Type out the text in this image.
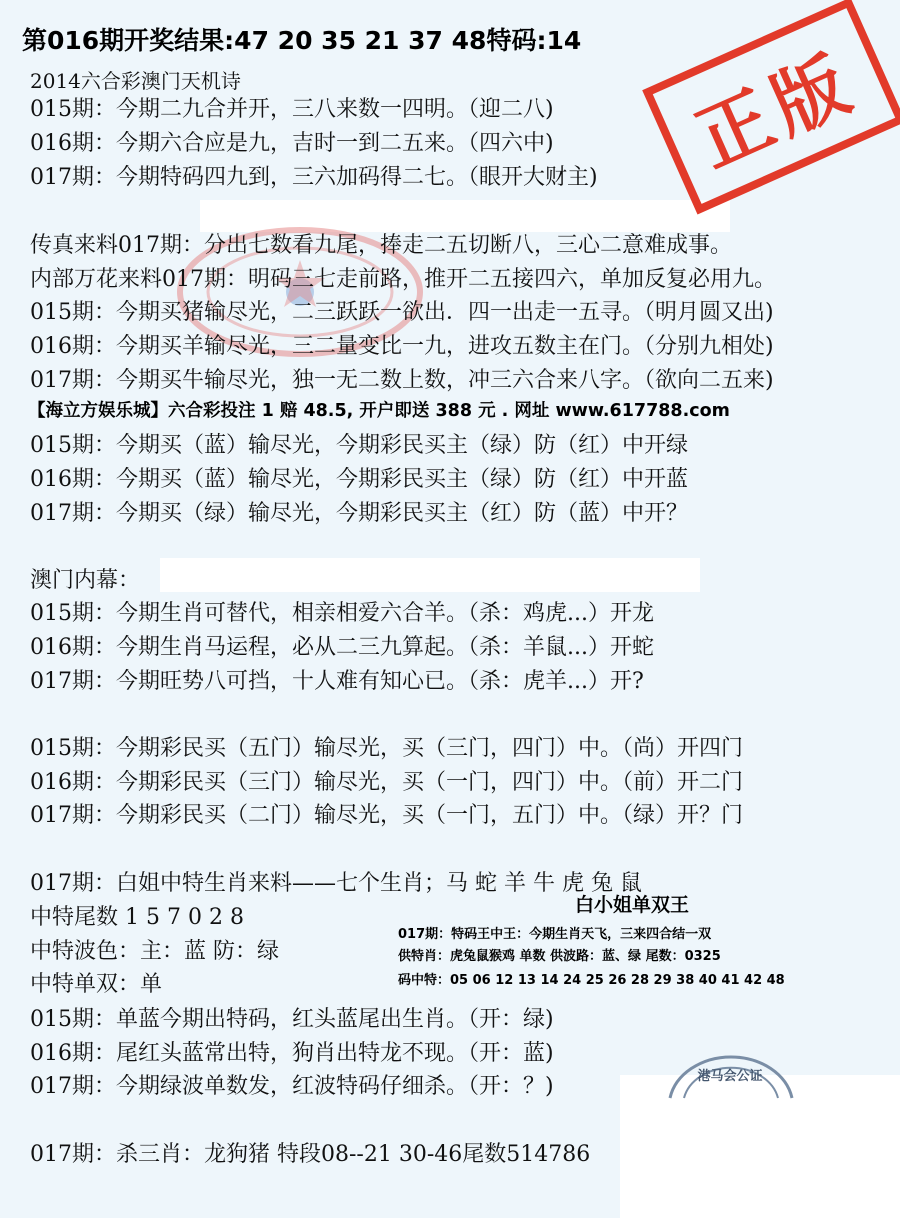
正版
第016期开奖结果:47 20 35 21 37 48特码:14
2014六合彩澳门天机诗
015期：今期二九合并开，三八来数一四明。（迎二八)
016期：今期六合应是九，吉时一到二五来。（四六中)
017期：今期特码四九到，三六加码得二七。（眼开大财主)
传真来料017期：分出七数看九尾，捧走二五切断八，三心二意难成事。
内部万花来料017期：明码三七走前路，推开二五接四六，单加反复必用九。
015期：今期买猪输尽光，二三跃跃一欲出．四一出走一五寻。（明月圆又出)
016期：今期买羊输尽光，三二量变比一九，进攻五数主在门。（分别九相处)
017期：今期买牛输尽光，独一无二数上数，冲三六合来八字。（欲向二五来)
【海立方娱乐城】六合彩投注 1 赔 48.5, 开户即送 388 元 . 网址 www.617788.com
015期：今期买（蓝）输尽光，今期彩民买主（绿）防（红）中开绿
016期：今期买（蓝）输尽光，今期彩民买主（绿）防（红）中开蓝
017期：今期买（绿）输尽光，今期彩民买主（红）防（蓝）中开？
澳门内幕：
015期：今期生肖可替代，相亲相爱六合羊。（杀：鸡虎...）开龙
016期：今期生肖马运程，必从二三九算起。（杀：羊鼠...）开蛇
017期：今期旺势八可挡，十人难有知心已。（杀：虎羊...）开?
015期：今期彩民买（五门）输尽光，买（三门，四门）中。（尚）开四门
016期：今期彩民买（三门）输尽光，买（一门，四门）中。（前）开二门
017期：今期彩民买（二门）输尽光，买（一门，五门）中。（绿）开？门
017期：白姐中特生肖来料——七个生肖；马 蛇 羊 牛 虎 兔 鼠
中特尾数 1 5 7 0 2 8
中特波色：主：蓝 防：绿
中特单双：单
白小姐单双王
017期：特码王中王：今期生肖天飞，三来四合结一双
供特肖：虎兔鼠猴鸡 单数 供波路：蓝、绿 尾数：0325
码中特：05 06 12 13 14 24 25 26 28 29 38 40 41 42 48
015期：单蓝今期出特码，红头蓝尾出生肖。（开：绿)
016期：尾红头蓝常出特，狗肖出特龙不现。（开：蓝)
017期：今期绿波单数发，红波特码仔细杀。（开：？)
017期：杀三肖：龙狗猪 特段08--21 30-46尾数514786
港马会公证
